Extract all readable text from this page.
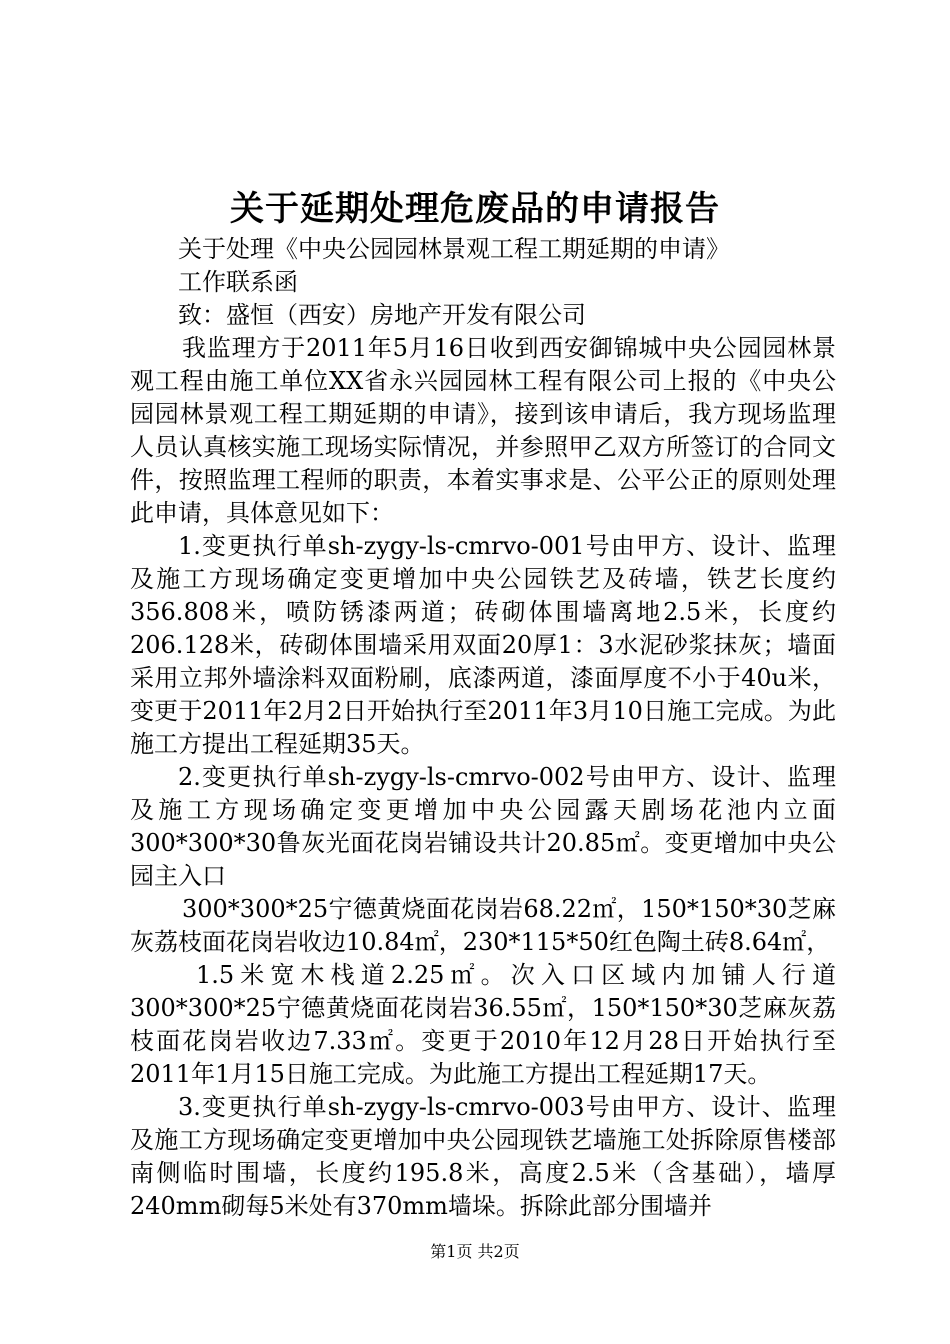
关于延期处理危废品的申请报告

关于处理《中央公园园林景观工程工期延期的申请》

工作联系函

致：盛恒（西安）房地产开发有限公司

我监理方于2011年5月16日收到西安御锦城中央公园园林景观工程由施工单位XX省永兴园园林工程有限公司上报的《中央公园园林景观工程工期延期的申请》，接到该申请后，我方现场监理人员认真核实施工现场实际情况，并参照甲乙双方所签订的合同文件，按照监理工程师的职责，本着实事求是、公平公正的原则处理此申请，具体意见如下：

1.变更执行单sh-zygy-ls-cmrvo-001号由甲方、设计、监理及施工方现场确定变更增加中央公园铁艺及砖墙，铁艺长度约356.808米，喷防锈漆两道；砖砌体围墙离地2.5米，长度约206.128米，砖砌体围墙采用双面20厚1：3水泥砂浆抹灰；墙面采用立邦外墙涂料双面粉刷，底漆两道，漆面厚度不小于40u米，变更于2011年2月2日开始执行至2011年3月10日施工完成。为此施工方提出工程延期35天。

2.变更执行单sh-zygy-ls-cmrvo-002号由甲方、设计、监理及施工方现场确定变更增加中央公园露天剧场花池内立面300*300*30鲁灰光面花岗岩铺设共计20.85㎡。变更增加中央公园主入口

300*300*25宁德黄烧面花岗岩68.22㎡，150*150*30芝麻灰荔枝面花岗岩收边10.84㎡，230*115*50红色陶土砖8.64㎡，

1.5米宽木栈道2.25㎡。次入口区域内加铺人行道300*300*25宁德黄烧面花岗岩36.55㎡，150*150*30芝麻灰荔枝面花岗岩收边7.33㎡。变更于2010年12月28日开始执行至2011年1月15日施工完成。为此施工方提出工程延期17天。

3.变更执行单sh-zygy-ls-cmrvo-003号由甲方、设计、监理及施工方现场确定变更增加中央公园现铁艺墙施工处拆除原售楼部南侧临时围墙，长度约195.8米，高度2.5米（含基础），墙厚240mm砌每5米处有370mm墙垛。拆除此部分围墙并

第1页 共2页
